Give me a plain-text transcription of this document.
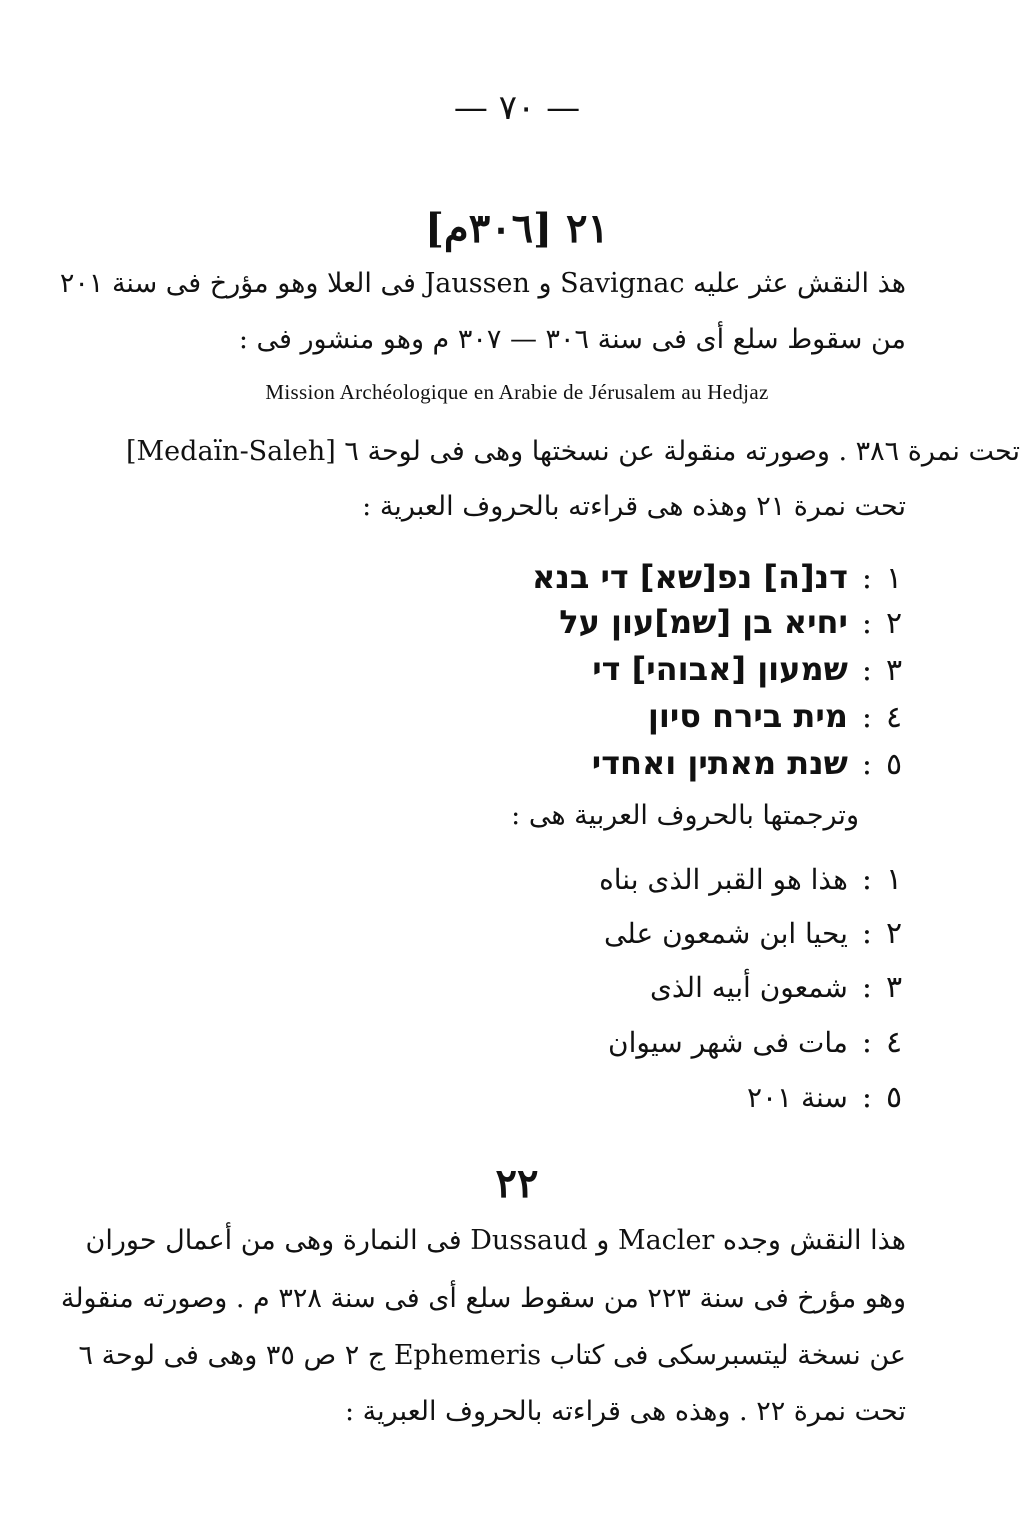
— ٧٠ —
٢١ [٣٠٦م]
هذ النقش عثر عليه Savignac و Jaussen فى العلا وهو مؤرخ فى سنة ٢٠١
من سقوط سلع أى فى سنة ٣٠٦ — ٣٠٧ م وهو منشور فى :
Mission Archéologique en Arabie de Jérusalem au Hedjaz
[Medaïn-Saleh] تحت نمرة ٣٨٦ . وصورته منقولة عن نسختها وهى فى لوحة ٦
تحت نمرة ٢١ وهذه هى قراءته بالحروف العبرية :
١
:
דנ[ה] נפ[שא] די בנא
٢
:
יחיא בן [שמ]עון על
٣
:
שמעון [אבוהי] די
٤
:
מית בירח סיון
٥
:
שנת מאתין ואחדי
وترجمتها بالحروف العربية هى :
١
:
هذا هو القبر الذى بناه
٢
:
يحيا ابن شمعون على
٣
:
شمعون أبيه الذى
٤
:
مات فى شهر سيوان
٥
:
سنة ٢٠١
٢٢
هذا النقش وجده Macler و Dussaud فى النمارة وهى من أعمال حوران
وهو مؤرخ فى سنة ٢٢٣ من سقوط سلع أى فى سنة ٣٢٨ م . وصورته منقولة
عن نسخة ليتسبرسكى فى كتاب Ephemeris ج ٢ ص ٣٥ وهى فى لوحة ٦
تحت نمرة ٢٢ . وهذه هى قراءته بالحروف العبرية :
